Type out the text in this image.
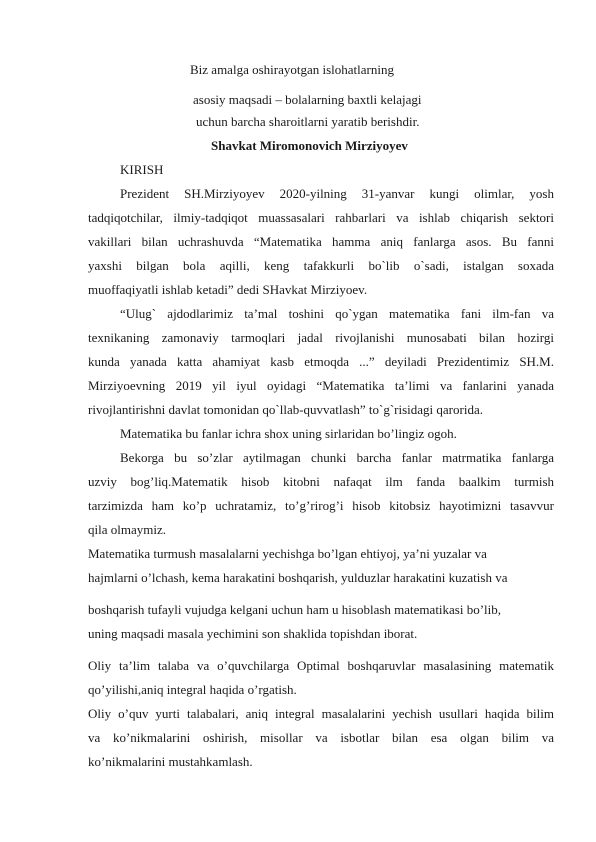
Biz amalga oshirayotgan islohatlarning
asosiy maqsadi – bolalarning baxtli kelajagi
uchun barcha sharoitlarni yaratib berishdir.
Shavkat Miromonovich Mirziyoyev
KIRISH
Prezident SH.Mirziyoyev 2020-yilning 31-yanvar kungi olimlar, yosh
tadqiqotchilar, ilmiy-tadqiqot muassasalari rahbarlari va ishlab chiqarish sektori
vakillari bilan uchrashuvda “Matematika hamma aniq fanlarga asos. Bu fanni
yaxshi bilgan bola aqilli, keng tafakkurli bo`lib o`sadi, istalgan soxada
muoffaqiyatli ishlab ketadi” dedi SHavkat Mirziyoev.
“Ulug` ajdodlarimiz ta’mal toshini qo`ygan matematika fani ilm-fan va
texnikaning zamonaviy tarmoqlari jadal rivojlanishi munosabati bilan hozirgi
kunda yanada katta ahamiyat kasb etmoqda ...” deyiladi Prezidentimiz SH.M.
Mirziyoevning 2019 yil iyul oyidagi “Matematika ta’limi va fanlarini yanada
rivojlantirishni davlat tomonidan qo`llab-quvvatlash” to`g`risidagi qarorida.
Matematika bu fanlar ichra shox uning sirlaridan bo’lingiz ogoh.
Bekorga bu so’zlar aytilmagan chunki barcha fanlar matrmatika fanlarga
uzviy bog’liq.Matematik hisob kitobni nafaqat ilm fanda baalkim turmish
tarzimizda ham ko’p uchratamiz, to’g’rirog’i hisob kitobsiz hayotimizni tasavvur
qila olmaymiz.
Matematika turmush masalalarni yechishga bo’lgan ehtiyoj, ya’ni yuzalar va
hajmlarni o’lchash, kema harakatini boshqarish, yulduzlar harakatini kuzatish va
boshqarish tufayli vujudga kelgani uchun ham u hisoblash matematikasi bo’lib,
uning maqsadi masala yechimini son shaklida topishdan iborat.
Oliy ta’lim talaba va o’quvchilarga Optimal boshqaruvlar masalasining matematik
qo’yilishi,aniq integral haqida o’rgatish.
Oliy o’quv yurti talabalari, aniq integral masalalarini yechish usullari haqida bilim
va ko’nikmalarini oshirish, misollar va isbotlar bilan esa olgan bilim va
ko’nikmalarini mustahkamlash.
